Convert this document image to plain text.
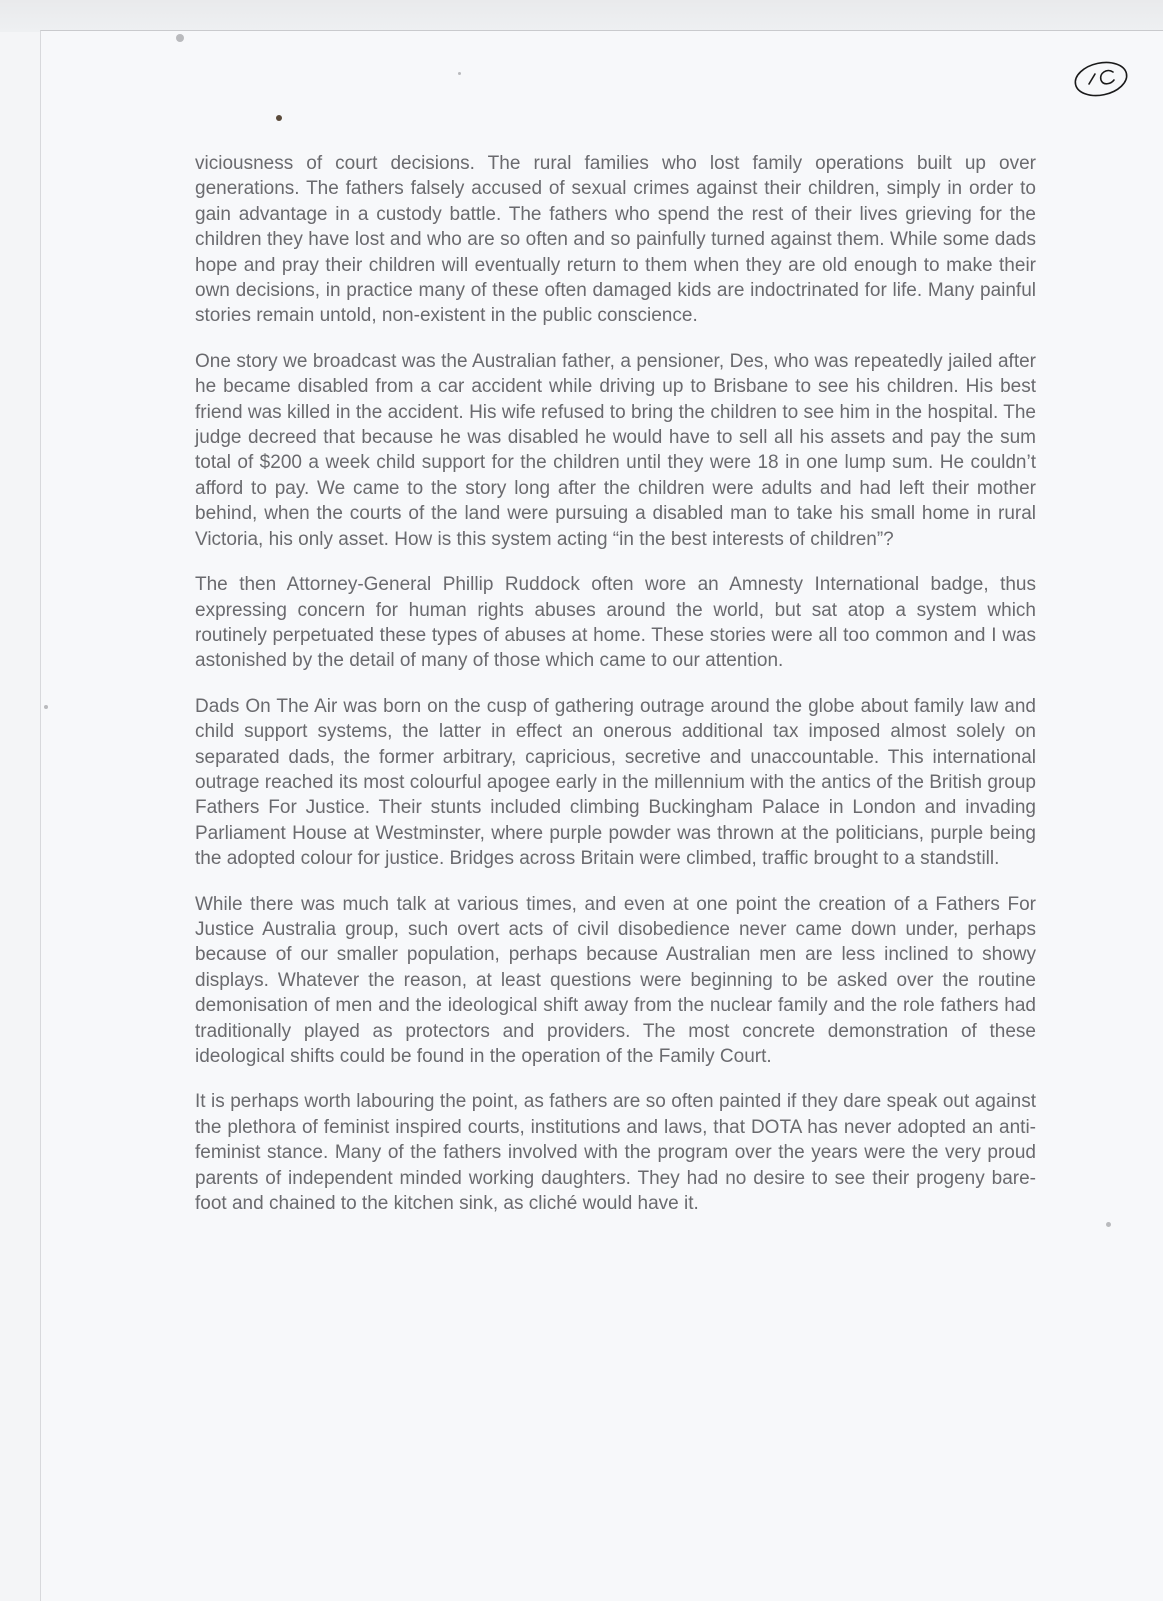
viciousness of court decisions. The rural families who lost family operations built up over generations. The fathers falsely accused of sexual crimes against their children, simply in order to gain advantage in a custody battle. The fathers who spend the rest of their lives grieving for the children they have lost and who are so often and so painfully turned against them. While some dads hope and pray their children will eventually return to them when they are old enough to make their own decisions, in practice many of these often damaged kids are indoctrinated for life. Many painful stories remain untold, non-existent in the public conscience.

One story we broadcast was the Australian father, a pensioner, Des, who was repeatedly jailed after he became disabled from a car accident while driving up to Brisbane to see his children. His best friend was killed in the accident. His wife refused to bring the children to see him in the hospital. The judge decreed that because he was disabled he would have to sell all his assets and pay the sum total of $200 a week child support for the children until they were 18 in one lump sum. He couldn’t afford to pay. We came to the story long after the children were adults and had left their mother behind, when the courts of the land were pursuing a disabled man to take his small home in rural Victoria, his only asset. How is this system acting “in the best interests of children”?

The then Attorney-General Phillip Ruddock often wore an Amnesty International badge, thus expressing concern for human rights abuses around the world, but sat atop a system which routinely perpetuated these types of abuses at home. These stories were all too common and I was astonished by the detail of many of those which came to our attention.

Dads On The Air was born on the cusp of gathering outrage around the globe about family law and child support systems, the latter in effect an onerous additional tax imposed almost solely on separated dads, the former arbitrary, capricious, secretive and unaccountable. This international outrage reached its most colourful apogee early in the millennium with the antics of the British group Fathers For Justice. Their stunts included climbing Buckingham Palace in London and invading Parliament House at Westminster, where purple powder was thrown at the politicians, purple being the adopted colour for justice. Bridges across Britain were climbed, traffic brought to a standstill.

While there was much talk at various times, and even at one point the creation of a Fathers For Justice Australia group, such overt acts of civil disobedience never came down under, perhaps because of our smaller population, perhaps because Australian men are less inclined to showy displays. Whatever the reason, at least questions were beginning to be asked over the routine demonisation of men and the ideological shift away from the nuclear family and the role fathers had traditionally played as protectors and providers. The most concrete demonstration of these ideological shifts could be found in the operation of the Family Court.

It is perhaps worth labouring the point, as fathers are so often painted if they dare speak out against the plethora of feminist inspired courts, institutions and laws, that DOTA has never adopted an anti-feminist stance. Many of the fathers involved with the program over the years were the very proud parents of independent minded working daughters. They had no desire to see their progeny bare-foot and chained to the kitchen sink, as cliché would have it.
